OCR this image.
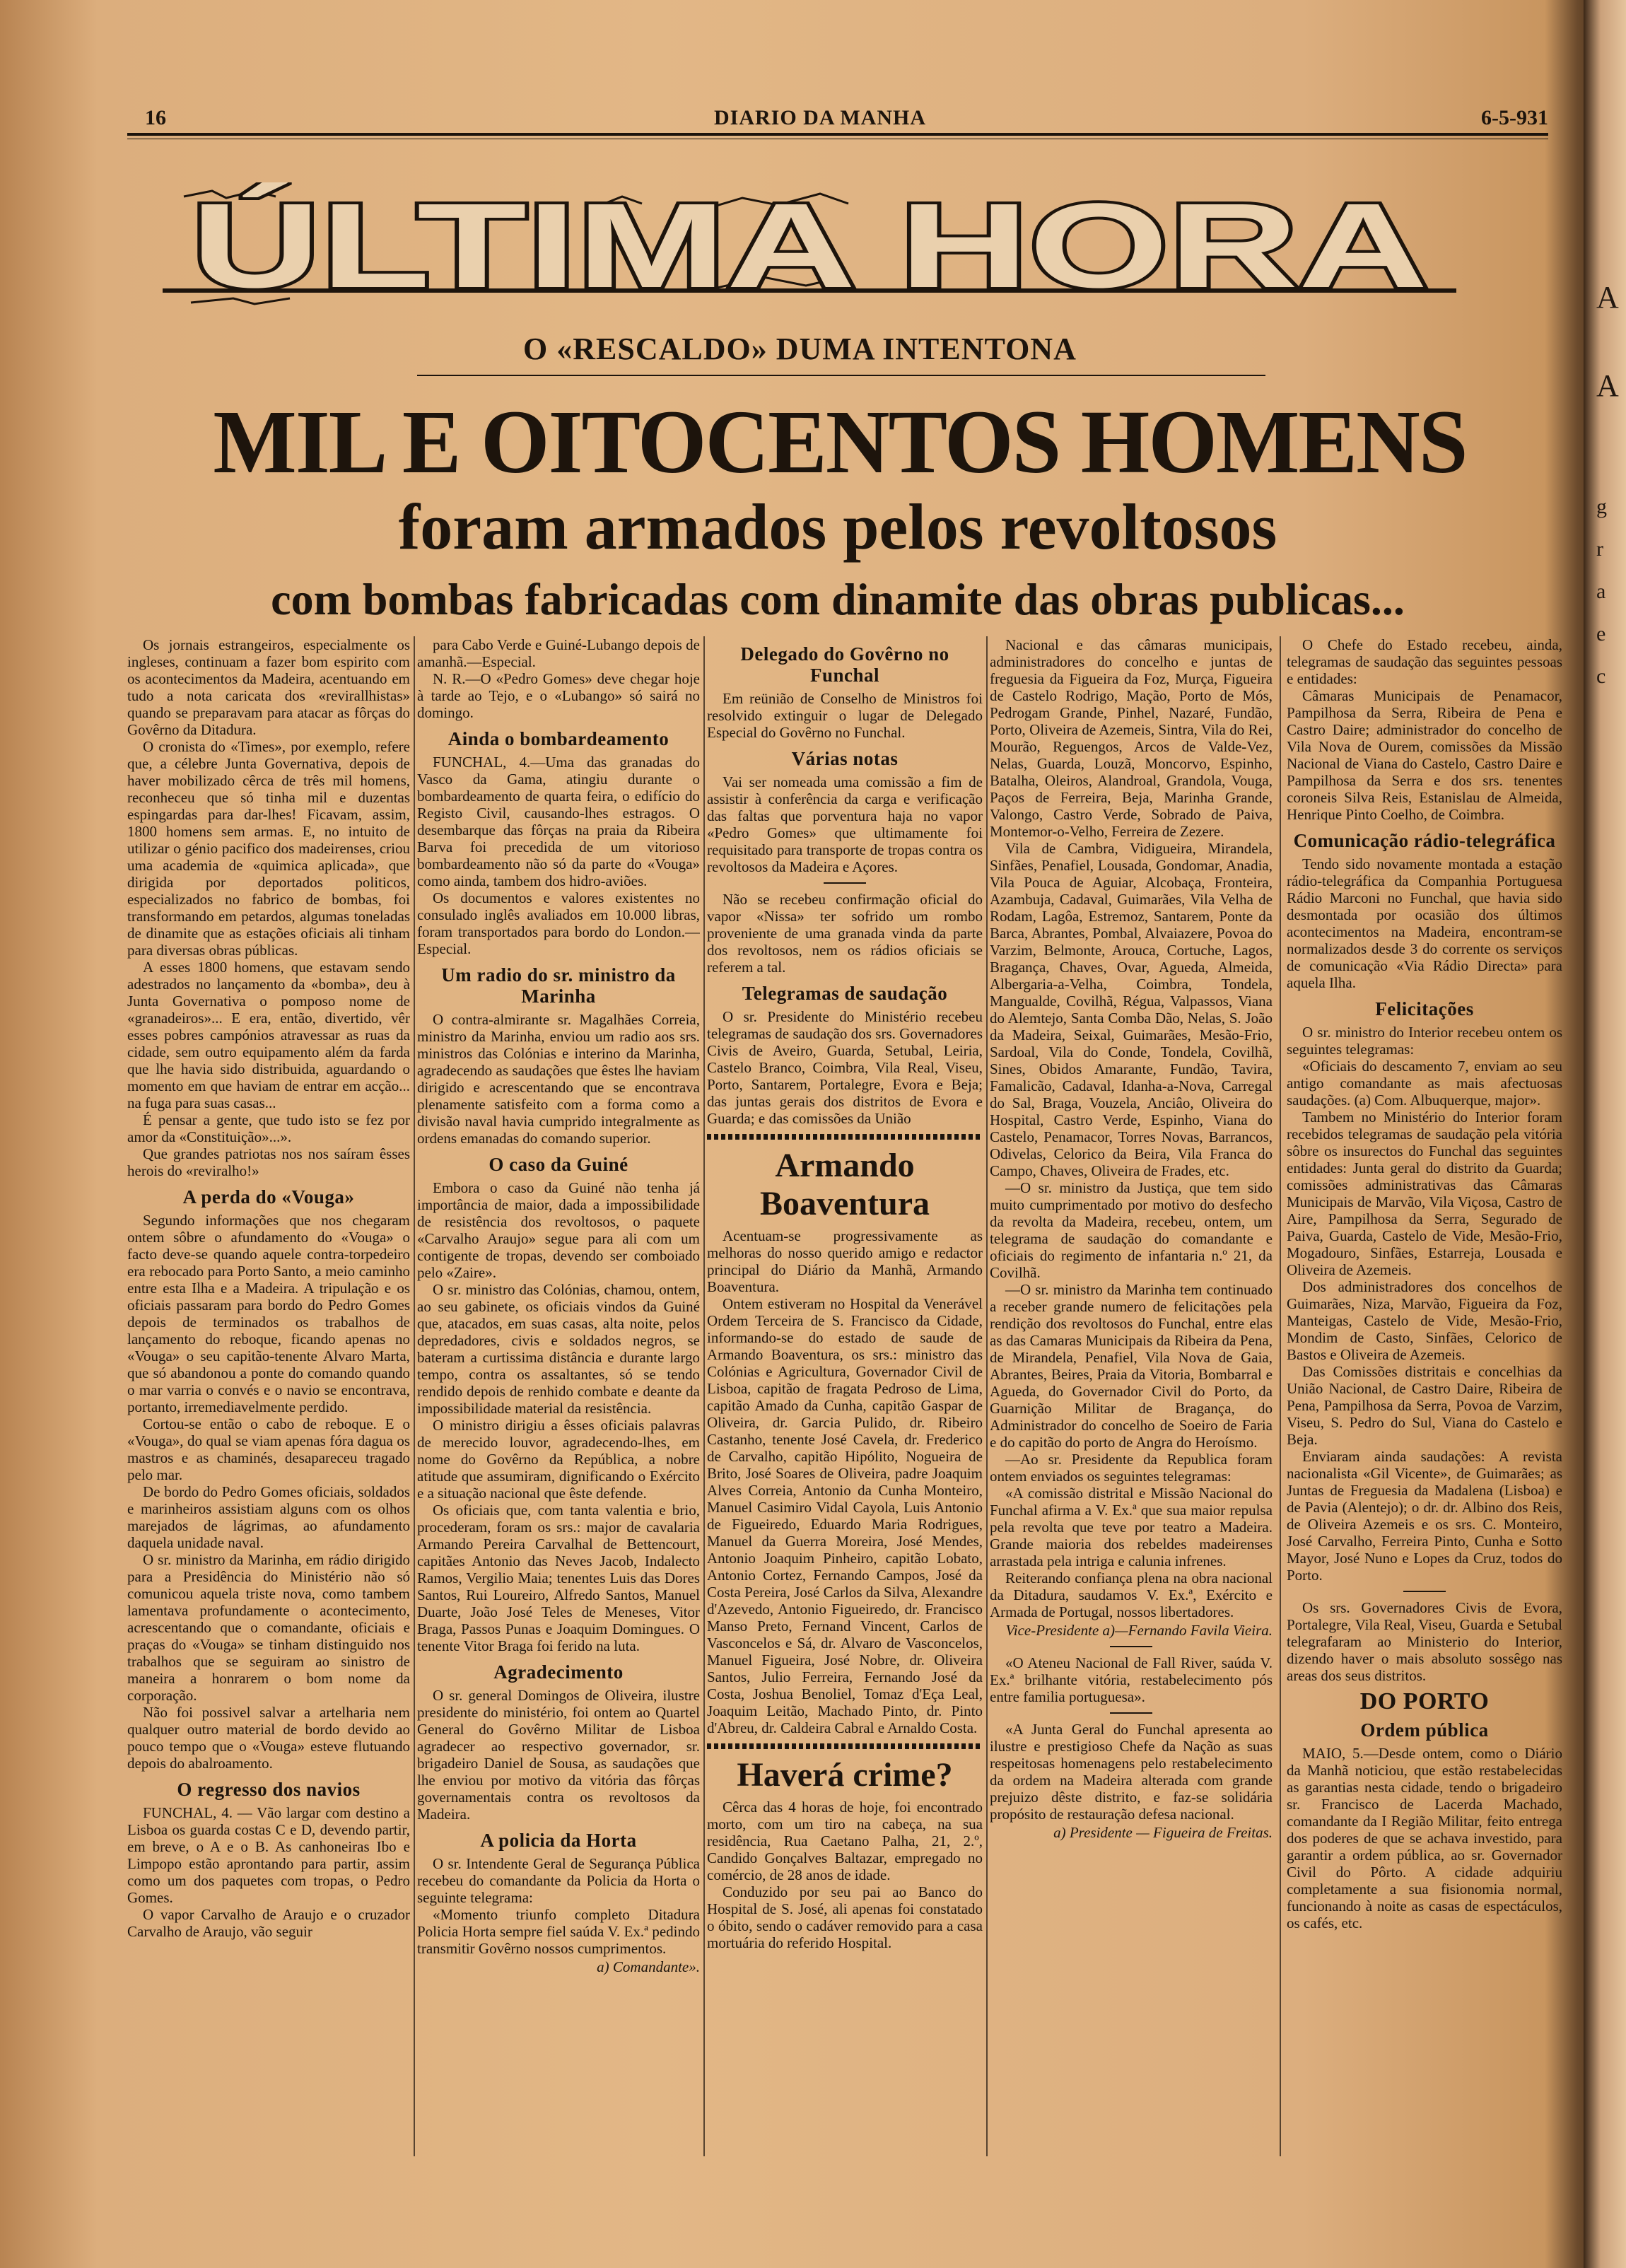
16	DIARIO DA MANHA	6-5-931
ÚLTIMA HORA
O «RESCALDO» DUMA INTENTONA
MIL E OITOCENTOS HOMENS
foram armados pelos revoltosos
com bombas fabricadas com dinamite das obras publicas...

Os jornais estrangeiros, especialmente os ingleses, continuam a fazer bom espirito com os acontecimentos da Madeira, acentuando em tudo a nota caricata dos «revirallhistas» quando se preparavam para atacar as fôrças do Govêrno da Ditadura.

O cronista do «Times», por exemplo, refere que, a célebre Junta Governativa, depois de haver mobilizado cêrca de três mil homens, reconheceu que só tinha mil e duzentas espingardas para dar-lhes! Ficavam, assim, 1800 homens sem armas. E, no intuito de utilizar o génio pacifico dos madeirenses, criou uma academia de «quimica aplicada», que dirigida por deportados politicos, especializados no fabrico de bombas, foi transformando em petardos, algumas toneladas de dinamite que as estações oficiais ali tinham para diversas obras públicas.

A esses 1800 homens, que estavam sendo adestrados no lançamento da «bomba», deu à Junta Governativa o pomposo nome de «granadeiros»... E era, então, divertido, vêr esses pobres campónios atravessar as ruas da cidade, sem outro equipamento além da farda que lhe havia sido distribuida, aguardando o momento em que haviam de entrar em acção... na fuga para suas casas...

É pensar a gente, que tudo isto se fez por amor da «Constituição»...».

Que grandes patriotas nos nos saíram êsses herois do «reviralho!»

A perda do «Vouga»

Segundo informações que nos chegaram ontem sôbre o afundamento do «Vouga» o facto deve-se quando aquele contra-torpedeiro era rebocado para Porto Santo, a meio caminho entre esta Ilha e a Madeira. A tripulação e os oficiais passaram para bordo do Pedro Gomes depois de terminados os trabalhos de lançamento do reboque, ficando apenas no «Vouga» o seu capitão-tenente Alvaro Marta, que só abandonou a ponte do comando quando o mar varria o convés e o navio se encontrava, portanto, irremediavelmente perdido.

Cortou-se então o cabo de reboque. E o «Vouga», do qual se viam apenas fóra dagua os mastros e as chaminés, desapareceu tragado pelo mar.

De bordo do Pedro Gomes oficiais, soldados e marinheiros assistiam alguns com os olhos marejados de lágrimas, ao afundamento daquela unidade naval.

O sr. ministro da Marinha, em rádio dirigido para a Presidência do Ministério não só comunicou aquela triste nova, como tambem lamentava profundamente o acontecimento, acrescentando que o comandante, oficiais e praças do «Vouga» se tinham distinguido nos trabalhos que se seguiram ao sinistro de maneira a honrarem o bom nome da corporação.

Não foi possivel salvar a artelharia nem qualquer outro material de bordo devido ao pouco tempo que o «Vouga» esteve flutuando depois do abalroamento.

O regresso dos navios

FUNCHAL, 4. — Vão largar com destino a Lisboa os guarda costas C e D, devendo partir, em breve, o A e o B. As canhoneiras Ibo e Limpopo estão aprontando para partir, assim como um dos paquetes com tropas, o Pedro Gomes.

O vapor Carvalho de Araujo e o cruzador Carvalho de Araujo, vão seguir

para Cabo Verde e Guiné-Lubango depois de amanhã.—Especial.

N. R.—O «Pedro Gomes» deve chegar hoje à tarde ao Tejo, e o «Lubango» só sairá no domingo.

Ainda o bombardeamento

FUNCHAL, 4.—Uma das granadas do Vasco da Gama, atingiu durante o bombardeamento de quarta feira, o edifício do Registo Civil, causando-lhes estragos. O desembarque das fôrças na praia da Ribeira Barva foi precedida de um vitorioso bombardeamento não só da parte do «Vouga» como ainda, tambem dos hidro-aviões.

Os documentos e valores existentes no consulado inglês avaliados em 10.000 libras, foram transportados para bordo do London.—Especial.

Um radio do sr. ministro da Marinha

O contra-almirante sr. Magalhães Correia, ministro da Marinha, enviou um radio aos srs. ministros das Colónias e interino da Marinha, agradecendo as saudações que êstes lhe haviam dirigido e acrescentando que se encontrava plenamente satisfeito com a forma como a divisão naval havia cumprido integralmente as ordens emanadas do comando superior.

O caso da Guiné

Embora o caso da Guiné não tenha já importância de maior, dada a impossibilidade de resistência dos revoltosos, o paquete «Carvalho Araujo» segue para ali com um contigente de tropas, devendo ser comboiado pelo «Zaire».

O sr. ministro das Colónias, chamou, ontem, ao seu gabinete, os oficiais vindos da Guiné que, atacados, em suas casas, alta noite, pelos depredadores, civis e soldados negros, se bateram a curtissima distância e durante largo tempo, contra os assaltantes, só se tendo rendido depois de renhido combate e deante da impossibilidade material da resistência.

O ministro dirigiu a êsses oficiais palavras de merecido louvor, agradecendo-lhes, em nome do Govêrno da República, a nobre atitude que assumiram, dignificando o Exército e a situação nacional que êste defende.

Os oficiais que, com tanta valentia e brio, procederam, foram os srs.: major de cavalaria Armando Pereira Carvalhal de Bettencourt, capitães Antonio das Neves Jacob, Indalecto Ramos, Vergilio Maia; tenentes Luis das Dores Santos, Rui Loureiro, Alfredo Santos, Manuel Duarte, João José Teles de Meneses, Vitor Braga, Passos Punas e Joaquim Domingues. O tenente Vitor Braga foi ferido na luta.

Agradecimento

O sr. general Domingos de Oliveira, ilustre presidente do ministério, foi ontem ao Quartel General do Govêrno Militar de Lisboa agradecer ao respectivo governador, sr. brigadeiro Daniel de Sousa, as saudações que lhe enviou por motivo da vitória das fôrças governamentais contra os revoltosos da Madeira.

A policia da Horta

O sr. Intendente Geral de Segurança Pública recebeu do comandante da Policia da Horta o seguinte telegrama:

«Momento triunfo completo Ditadura Policia Horta sempre fiel saúda V. Ex.ª pedindo transmitir Govêrno nossos cumprimentos.

a) Comandante».
Delegado do Govêrno no Funchal

Em reünião de Conselho de Ministros foi resolvido extinguir o lugar de Delegado Especial do Govêrno no Funchal.

Várias notas

Vai ser nomeada uma comissão a fim de assistir à conferência da carga e verificação das faltas que porventura haja no vapor «Pedro Gomes» que ultimamente foi requisitado para transporte de tropas contra os revoltosos da Madeira e Açores.

Não se recebeu confirmação oficial do vapor «Nissa» ter sofrido um rombo proveniente de uma granada vinda da parte dos revoltosos, nem os rádios oficiais se referem a tal.

Telegramas de saudação

O sr. Presidente do Ministério recebeu telegramas de saudação dos srs. Governadores Civis de Aveiro, Guarda, Setubal, Leiria, Castelo Branco, Coimbra, Vila Real, Viseu, Porto, Santarem, Portalegre, Evora e Beja; das juntas gerais dos distritos de Evora e Guarda; e das comissões da União

Armando Boaventura

Acentuam-se progressivamente as melhoras do nosso querido amigo e redactor principal do Diário da Manhã, Armando Boaventura.

Ontem estiveram no Hospital da Venerável Ordem Terceira de S. Francisco da Cidade, informando-se do estado de saude de Armando Boaventura, os srs.: ministro das Colónias e Agricultura, Governador Civil de Lisboa, capitão de fragata Pedroso de Lima, capitão Amado da Cunha, capitão Gaspar de Oliveira, dr. Garcia Pulido, dr. Ribeiro Castanho, tenente José Cavela, dr. Frederico de Carvalho, capitão Hipólito, Nogueira de Brito, José Soares de Oliveira, padre Joaquim Alves Correia, Antonio da Cunha Monteiro, Manuel Casimiro Vidal Cayola, Luis Antonio de Figueiredo, Eduardo Maria Rodrigues, Manuel da Guerra Moreira, José Mendes, Antonio Joaquim Pinheiro, capitão Lobato, Antonio Cortez, Fernando Campos, José da Costa Pereira, José Carlos da Silva, Alexandre d'Azevedo, Antonio Figueiredo, dr. Francisco Manso Preto, Fernand Vincent, Carlos de Vasconcelos e Sá, dr. Alvaro de Vasconcelos, Manuel Figueira, José Nobre, dr. Oliveira Santos, Julio Ferreira, Fernando José da Costa, Joshua Benoliel, Tomaz d'Eça Leal, Joaquim Leitão, Machado Pinto, dr. Pinto d'Abreu, dr. Caldeira Cabral e Arnaldo Costa.

Haverá crime?

Cêrca das 4 horas de hoje, foi encontrado morto, com um tiro na cabeça, na sua residência, Rua Caetano Palha, 21, 2.º, Candido Gonçalves Baltazar, empregado no comércio, de 28 anos de idade.

Conduzido por seu pai ao Banco do Hospital de S. José, ali apenas foi constatado o óbito, sendo o cadáver removido para a casa mortuária do referido Hospital.

Nacional e das câmaras municipais, administradores do concelho e juntas de freguesia da Figueira da Foz, Murça, Figueira de Castelo Rodrigo, Mação, Porto de Mós, Pedrogam Grande, Pinhel, Nazaré, Fundão, Porto, Oliveira de Azemeis, Sintra, Vila do Rei, Mourão, Reguengos, Arcos de Valde-Vez, Nelas, Guarda, Louzã, Moncorvo, Espinho, Batalha, Oleiros, Alandroal, Grandola, Vouga, Paços de Ferreira, Beja, Marinha Grande, Valongo, Castro Verde, Sobrado de Paiva, Montemor-o-Velho, Ferreira de Zezere.

Vila de Cambra, Vidigueira, Mirandela, Sinfães, Penafiel, Lousada, Gondomar, Anadia, Vila Pouca de Aguiar, Alcobaça, Fronteira, Azambuja, Cadaval, Guimarães, Vila Velha de Rodam, Lagôa, Estremoz, Santarem, Ponte da Barca, Abrantes, Pombal, Alvaiazere, Povoa do Varzim, Belmonte, Arouca, Cortuche, Lagos, Bragança, Chaves, Ovar, Agueda, Almeida, Albergaria-a-Velha, Coimbra, Tondela, Mangualde, Covilhã, Régua, Valpassos, Viana do Alemtejo, Santa Comba Dão, Nelas, S. João da Madeira, Seixal, Guimarães, Mesão-Frio, Sardoal, Vila do Conde, Tondela, Covilhã, Sines, Obidos Amarante, Fundão, Tavira, Famalicão, Cadaval, Idanha-a-Nova, Carregal do Sal, Braga, Vouzela, Anciâo, Oliveira do Hospital, Castro Verde, Espinho, Viana do Castelo, Penamacor, Torres Novas, Barrancos, Odivelas, Celorico da Beira, Vila Franca do Campo, Chaves, Oliveira de Frades, etc.

—O sr. ministro da Justiça, que tem sido muito cumprimentado por motivo do desfecho da revolta da Madeira, recebeu, ontem, um telegrama de saudação do comandante e oficiais do regimento de infantaria n.º 21, da Covilhã.

—O sr. ministro da Marinha tem continuado a receber grande numero de felicitações pela rendição dos revoltosos do Funchal, entre elas as das Camaras Municipais da Ribeira da Pena, de Mirandela, Penafiel, Vila Nova de Gaia, Abrantes, Beires, Praia da Vitoria, Bombarral e Agueda, do Governador Civil do Porto, da Guarnição Militar de Bragança, do Administrador do concelho de Soeiro de Faria e do capitão do porto de Angra do Heroísmo.

—Ao sr. Presidente da Republica foram ontem enviados os seguintes telegramas:

«A comissão distrital e Missão Nacional do Funchal afirma a V. Ex.ª que sua maior repulsa pela revolta que teve por teatro a Madeira. Grande maioria dos rebeldes madeirenses arrastada pela intriga e calunia infrenes.

Reiterando confiança plena na obra nacional da Ditadura, saudamos V. Ex.ª, Exército e Armada de Portugal, nossos libertadores.

Vice-Presidente a)—Fernando Favila Vieira.

«O Ateneu Nacional de Fall River, saúda V. Ex.ª brilhante vitória, restabelecimento pós entre familia portuguesa».

«A Junta Geral do Funchal apresenta ao ilustre e prestigioso Chefe da Nação as suas respeitosas homenagens pelo restabelecimento da ordem na Madeira alterada com grande prejuizo dêste distrito, e faz-se solidária propósito de restauração defesa nacional.

a) Presidente — Figueira de Freitas.

O Chefe do Estado recebeu, ainda, telegramas de saudação das seguintes pessoas e entidades:

Câmaras Municipais de Penamacor, Pampilhosa da Serra, Ribeira de Pena e Castro Daire; administrador do concelho de Vila Nova de Ourem, comissões da Missão Nacional de Viana do Castelo, Castro Daire e Pampilhosa da Serra e dos srs. tenentes coroneis Silva Reis, Estanislau de Almeida, Henrique Pinto Coelho, de Coimbra.

Comunicação rádio-telegráfica

Tendo sido novamente montada a estação rádio-telegráfica da Companhia Portuguesa Rádio Marconi no Funchal, que havia sido desmontada por ocasião dos últimos acontecimentos na Madeira, encontram-se normalizados desde 3 do corrente os serviços de comunicação «Via Rádio Directa» para aquela Ilha.

Felicitações

O sr. ministro do Interior recebeu ontem os seguintes telegramas:

«Oficiais do descamento 7, enviam ao seu antigo comandante as mais afectuosas saudações. (a) Com. Albuquerque, major».

Tambem no Ministério do Interior foram recebidos telegramas de saudação pela vitória sôbre os insurectos do Funchal das seguintes entidades: Junta geral do distrito da Guarda; comissões administrativas das Câmaras Municipais de Marvão, Vila Viçosa, Castro de Aire, Pampilhosa da Serra, Segurado de Paiva, Guarda, Castelo de Vide, Mesão-Frio, Mogadouro, Sinfães, Estarreja, Lousada e Oliveira de Azemeis.

Dos administradores dos concelhos de Guimarães, Niza, Marvão, Figueira da Foz, Manteigas, Castelo de Vide, Mesão-Frio, Mondim de Casto, Sinfães, Celorico de Bastos e Oliveira de Azemeis.

Das Comissões distritais e concelhias da União Nacional, de Castro Daire, Ribeira de Pena, Pampilhosa da Serra, Povoa de Varzim, Viseu, S. Pedro do Sul, Viana do Castelo e Beja.

Enviaram ainda saudações: A revista nacionalista «Gil Vicente», de Guimarães; as Juntas de Freguesia da Madalena (Lisboa) e de Pavia (Alentejo); o dr. dr. Albino dos Reis, de Oliveira Azemeis e os srs. C. Monteiro, José Carvalho, Ferreira Pinto, Cunha e Sotto Mayor, José Nuno e Lopes da Cruz, todos do Porto.

Os srs. Governadores Civis de Evora, Portalegre, Vila Real, Viseu, Guarda e Setubal telegrafaram ao Ministerio do Interior, dizendo haver o mais absoluto sossêgo nas areas dos seus distritos.

DO PORTO
Ordem pública

MAIO, 5.—Desde ontem, como o Diário da Manhã noticiou, que estão restabelecidas as garantias nesta cidade, tendo o brigadeiro sr. Francisco de Lacerda Machado, comandante da I Região Militar, feito entrega dos poderes de que se achava investido, para garantir a ordem pública, ao sr. Governador Civil do Pôrto. A cidade adquiriu completamente a sua fisionomia normal, funcionando à noite as casas de espectáculos, os cafés, etc.

A
A
g
r
a
e
c
